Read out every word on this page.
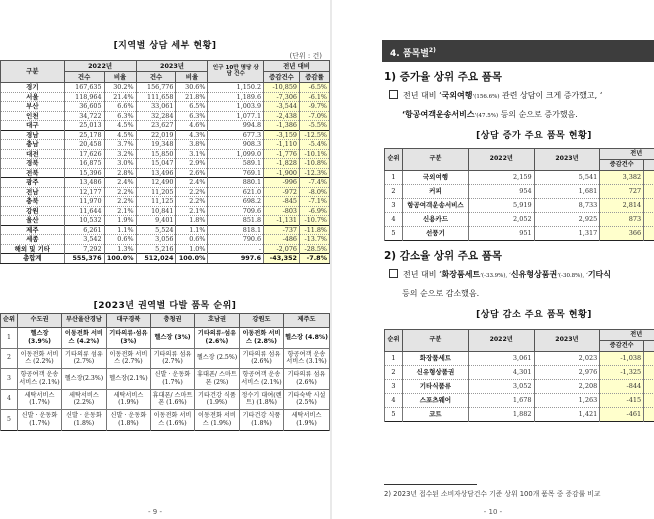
[지역별 상담 세부 현황]
(단위 : 건)
구분	2022년		2023년		인구 10만 명당 상담 건수	전년 대비	
	건수	비율	건수	비율		증감건수	증감률
경기	167,635	30.2%	156,776	30.6%	1,150.2	-10,859	-6.5%
서울	118,964	21.4%	111,658	21.8%	1,189.6	-7,306	-6.1%
부산	36,605	6.6%	33,061	6.5%	1,003.9	-3,544	-9.7%
인천	34,722	6.3%	32,284	6.3%	1,077.1	-2,438	-7.0%
대구	25,013	4.5%	23,627	4.6%	994.8	-1,386	-5.5%
경남	25,178	4.5%	22,019	4.3%	677.3	-3,159	-12.5%
충남	20,458	3.7%	19,348	3.8%	908.3	-1,110	-5.4%
대전	17,626	3.2%	15,850	3.1%	1,099.0	-1,776	-10.1%
경북	16,875	3.0%	15,047	2.9%	589.1	-1,828	-10.8%
전북	15,396	2.8%	13,496	2.6%	769.1	-1,900	-12.3%
광주	13,486	2.4%	12,490	2.4%	880.1	-996	-7.4%
전남	12,177	2.2%	11,205	2.2%	621.0	-972	-8.0%
충북	11,970	2.2%	11,125	2.2%	698.2	-845	-7.1%
강원	11,644	2.1%	10,841	2.1%	709.6	-803	-6.9%
울산	10,532	1.9%	9,401	1.8%	851.8	-1,131	-10.7%
제주	6,261	1.1%	5,524	1.1%	818.1	-737	-11.8%
세종	3,542	0.6%	3,056	0.6%	790.6	-486	-13.7%
해외 및 기타	7,292	1.3%	5,216	1.0%	-	-2,076	-28.5%
총합계	555,376	100.0%	512,024	100.0%	997.6	-43,352	-7.8%
[2023년 권역별 다발 품목 순위]
순위	수도권	부산울산경남	대구경북	충청권	호남권	강원도	제주도
1	헬스장 (3.9%)	이동전화 서비스 (4.2%)	기타의류·섬유 (3%)	헬스장 (3%)	기타의류·섬유 (2.6%)	이동전화 서비스 (2.8%)	헬스장 (4.8%)
2	이동전화 서비스 (2.2%)	기타의류 섬유 (2.7%)	이동전화 서비스 (2.7%)	기타의류 섬유 (2.7%)	헬스장 (2.5%)	기타의류 섬유 (2.6%)	항공여객 운송서비스 (3.1%)
3	항공여객 운송서비스 (2.1%)	헬스장(2.3%)	헬스장(2.1%)	신발 · 운동화 (1.7%)	휴대폰/ 스마트폰 (2%)	항공여객 운송서비스 (2.1%)	기타의류 섬유 (2.6%)
4	세탁서비스 (1.7%)	세탁서비스 (2.2%)	세탁서비스 (1.9%)	휴대폰/ 스마트폰 (1.6%)	기타건강 식품 (1.9%)	정수기 대여(렌트) (1.8%)	기타숙박 시설 (2.5%)
5	신발 · 운동화 (1.7%)	신발 · 운동화 (1.8%)	신발 · 운동화 (1.8%)	이동전화 서비스 (1.6%)	이동전화 서비스 (1.9%)	기타건강 식품 (1.8%)	세탁서비스 (1.9%)
- 9 -
4. 품목별$^{2)}$
1) 증가율 상위 주요 품목
전년 대비 ‘국외여행’(156.6%) 관련 상담이 크게 증가했고, ‘
‘항공여객운송서비스’(47.5%) 등의 순으로 증가했음.
[상담 증가 주요 품목 현황]
순위	구분	2022년	2023년	전년	
				증감건수	
1	국외여행	2,159	5,541	3,382	
2	커피	954	1,681	727	
3	항공여객운송서비스	5,919	8,733	2,814	
4	신용카드	2,052	2,925	873	
5	선풍기	951	1,317	366	
2) 감소율 상위 주요 품목
전년 대비 ‘화장품세트’(-33.9%), ‘신유형상품권’(-30.8%), ‘기타식
등의 순으로 감소했음.
[상담 감소 주요 품목 현황]
순위	구분	2022년	2023년	전년	
				증감건수	
1	화장품세트	3,061	2,023	-1,038	
2	신유형상품권	4,301	2,976	-1,325	
3	기타식품류	3,052	2,208	-844	
4	스포츠웨어	1,678	1,263	-415	
5	코트	1,882	1,421	-461	
2) 2023년 접수된 소비자상담건수 기준 상위 100개 품목 중 증감률 비교
- 10 -
